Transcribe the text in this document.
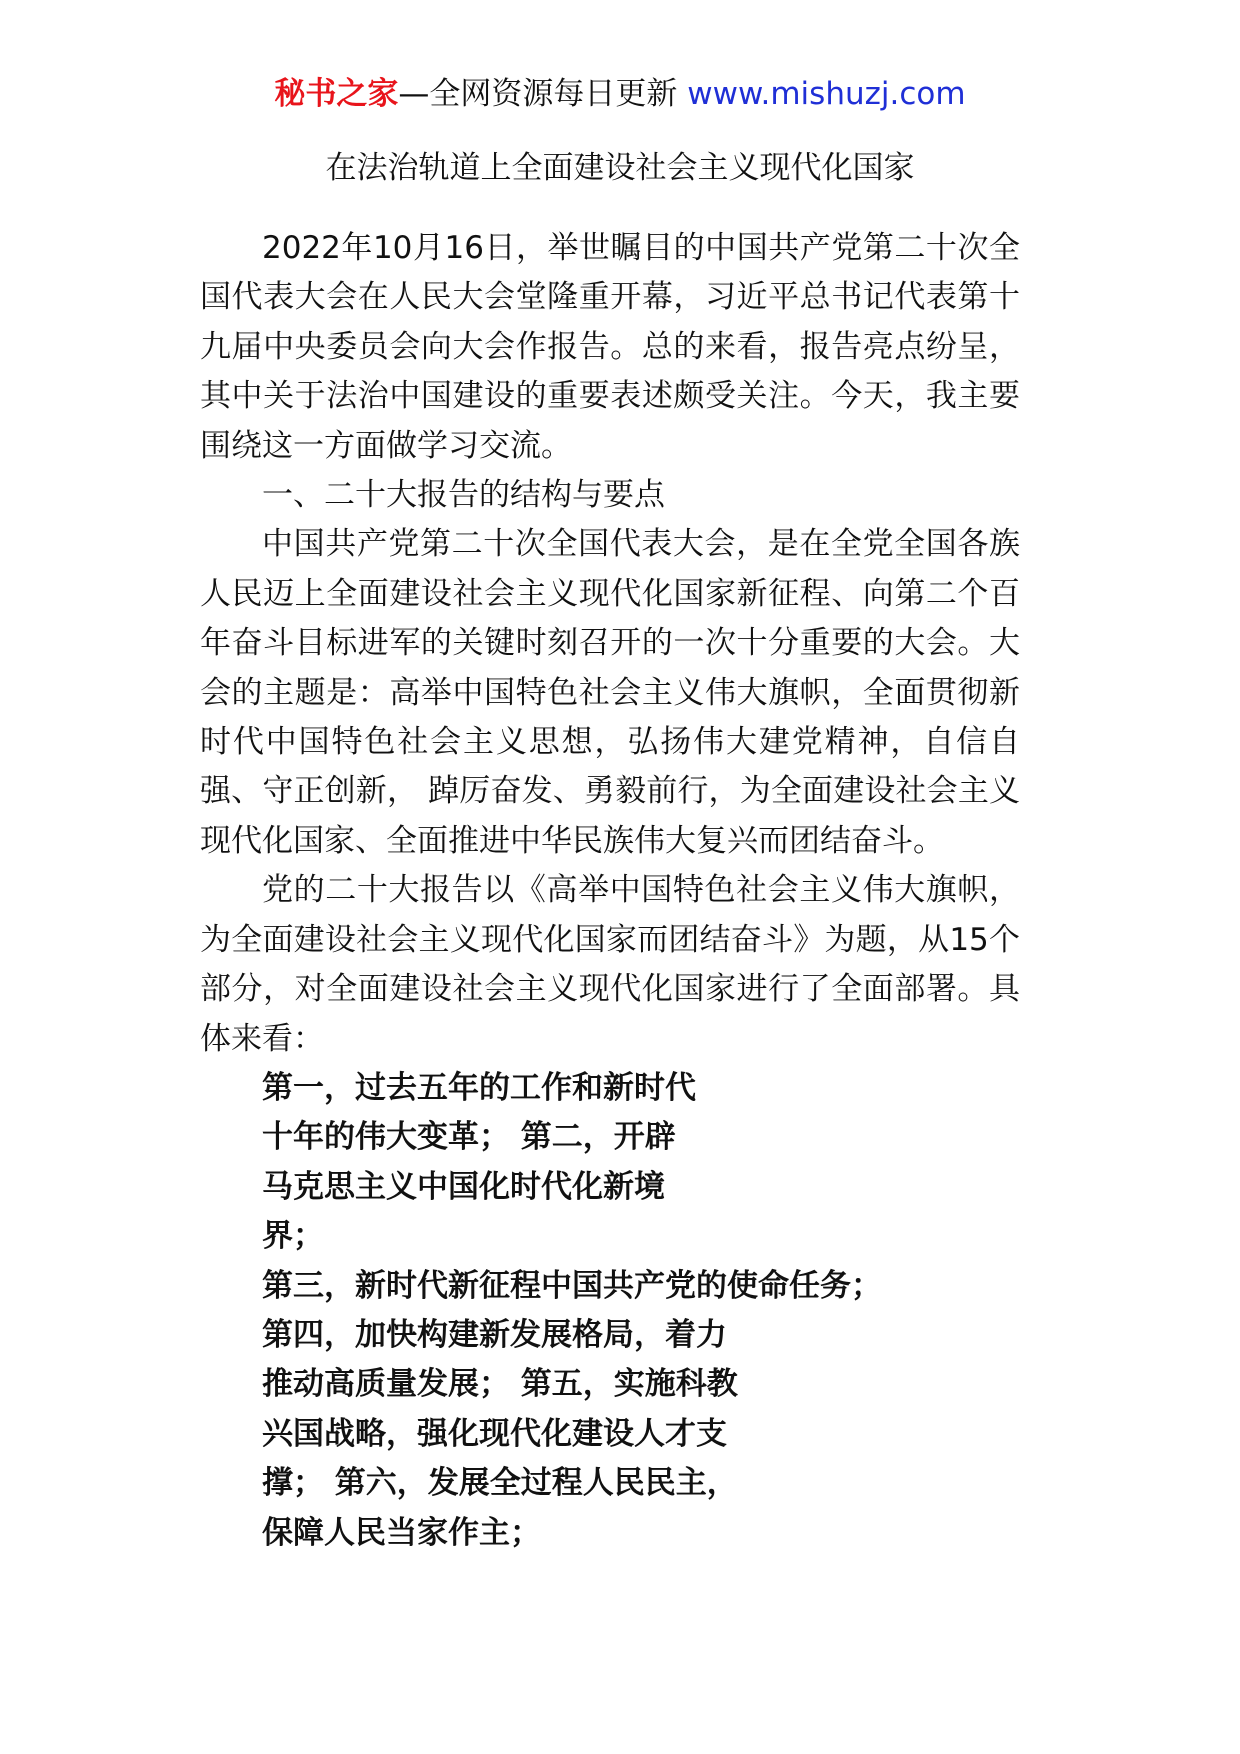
秘书之家—全网资源每日更新 www.mishuzj.com
在法治轨道上全面建设社会主义现代化国家

2022年10月16日，举世瞩目的中国共产党第二十次全国代表大会在人民大会堂隆重开幕，习近平总书记代表第十九届中央委员会向大会作报告。总的来看，报告亮点纷呈，其中关于法治中国建设的重要表述颇受关注。今天，我主要围绕这一方面做学习交流。

一、二十大报告的结构与要点

中国共产党第二十次全国代表大会，是在全党全国各族人民迈上全面建设社会主义现代化国家新征程、向第二个百年奋斗目标进军的关键时刻召开的一次十分重要的大会。大会的主题是：高举中国特色社会主义伟大旗帜，全面贯彻新时代中国特色社会主义思想，弘扬伟大建党精神，自信自强、守正创新， 踔厉奋发、勇毅前行，为全面建设社会主义现代化国家、全面推进中华民族伟大复兴而团结奋斗。

党的二十大报告以《高举中国特色社会主义伟大旗帜，为全面建设社会主义现代化国家而团结奋斗》为题，从15个部分，对全面建设社会主义现代化国家进行了全面部署。具体来看：

第一，过去五年的工作和新时代
十年的伟大变革； 第二，开辟
马克思主义中国化时代化新境
界；
第三，新时代新征程中国共产党的使命任务；
第四，加快构建新发展格局，着力
推动高质量发展； 第五，实施科教
兴国战略，强化现代化建设人才支
撑； 第六，发展全过程人民民主，
保障人民当家作主；
